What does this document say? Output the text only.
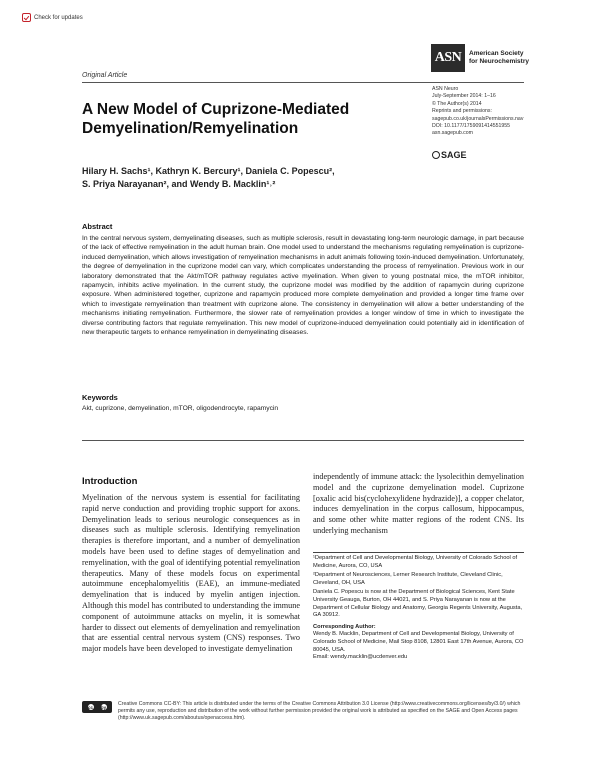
Check for updates
Original Article
ASN	American Society
for Neurochemistry
ASN Neuro
July-September 2014: 1–16
© The Author(s) 2014
Reprints and permissions:
sagepub.co.uk/journalsPermissions.nav
DOI: 10.1177/1759091414551955
asn.sagepub.com
SAGE
A New Model of Cuprizone-Mediated Demyelination/Remyelination
Hilary H. Sachs¹, Kathryn K. Bercury¹, Daniela C. Popescu²,
S. Priya Narayanan², and Wendy B. Macklin¹˒²
Abstract

In the central nervous system, demyelinating diseases, such as multiple sclerosis, result in devastating long-term neurologic damage, in part because of the lack of effective remyelination in the adult human brain. One model used to understand the mechanisms regulating remyelination is cuprizone-induced demyelination, which allows investigation of remyelination mechanisms in adult animals following toxin-induced demyelination. Unfortunately, the degree of demyelination in the cuprizone model can vary, which complicates understanding the process of remyelination. Previous work in our laboratory demonstrated that the Akt/mTOR pathway regulates active myelination. When given to young postnatal mice, the mTOR inhibitor, rapamycin, inhibits active myelination. In the current study, the cuprizone model was modified by the addition of rapamycin during cuprizone exposure. When administered together, cuprizone and rapamycin produced more complete demyelination and provided a longer time frame over which to investigate remyelination than treatment with cuprizone alone. The consistency in demyelination will allow a better understanding of the mechanisms initiating remyelination. Furthermore, the slower rate of remyelination provides a longer window of time in which to investigate the diverse contributing factors that regulate remyelination. This new model of cuprizone-induced demyelination could potentially aid in identification of new therapeutic targets to enhance remyelination in demyelinating diseases.

Keywords

Akt, cuprizone, demyelination, mTOR, oligodendrocyte, rapamycin

Introduction

Myelination of the nervous system is essential for facilitating rapid nerve conduction and providing trophic support for axons. Demyelination leads to serious neurologic consequences as in diseases such as multiple sclerosis. Identifying remyelination therapies is therefore important, and a number of demyelination models have been used to define stages of demyelination and remyelination, with the goal of identifying potential remyelination therapeutics. Many of these models focus on experimental autoimmune encephalomyelitis (EAE), an immune-mediated demyelination that is induced by myelin antigen injection. Although this model has contributed to understanding the immune component of autoimmune attacks on myelin, it is somewhat harder to dissect out elements of demyelination and remyelination that are essential central nervous system (CNS) responses. Two major models have been developed to investigate demyelination

independently of immune attack: the lysolecithin demyelination model and the cuprizone demyelination model. Cuprizone [oxalic acid bis(cyclohexylidene hydrazide)], a copper chelator, induces demyelination in the corpus callosum, hippocampus, and some other white matter regions of the rodent CNS. Its underlying mechanism

¹Department of Cell and Developmental Biology, University of Colorado School of Medicine, Aurora, CO, USA

²Department of Neurosciences, Lerner Research Institute, Cleveland Clinic, Cleveland, OH, USA

Daniela C. Popescu is now at the Department of Biological Sciences, Kent State University Geauga, Burton, OH 44021, and S. Priya Narayanan is now at the Department of Cellular Biology and Anatomy, Georgia Regents University, Augusta, GA 30912.

Corresponding Author:

Wendy B. Macklin, Department of Cell and Developmental Biology, University of Colorado School of Medicine, Mail Stop 8108, 12801 East 17th Avenue, Aurora, CO 80045, USA.

Email: wendy.macklin@ucdenver.edu

cc	by Creative Commons CC-BY: This article is distributed under the terms of the Creative Commons Attribution 3.0 License (http://www.creativecommons.org/licenses/by/3.0/) which permits any use, reproduction and distribution of the work without further permission provided the original work is attributed as specified on the SAGE and Open Access pages (http://www.uk.sagepub.com/aboutus/openaccess.htm).
